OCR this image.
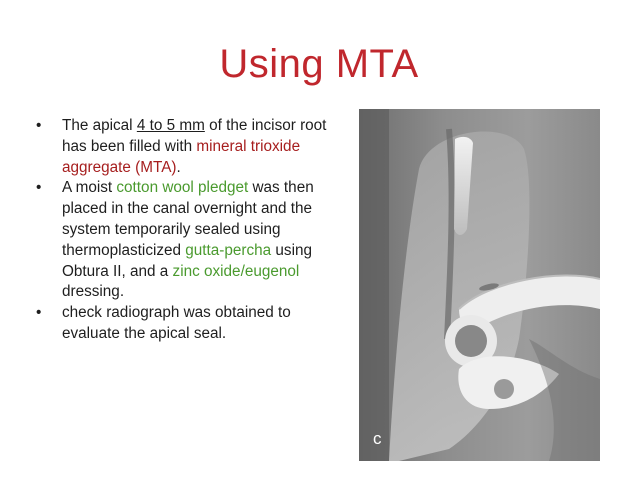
Using MTA
• The apical 4 to 5 mm of the incisor root has been filled with mineral trioxide aggregate (MTA).
• A moist cotton wool pledget was then placed in the canal overnight and the system temporarily sealed using thermoplasticized gutta-percha using Obtura II, and a zinc oxide/eugenol dressing.
• check radiograph was obtained to evaluate the apical seal.
c
